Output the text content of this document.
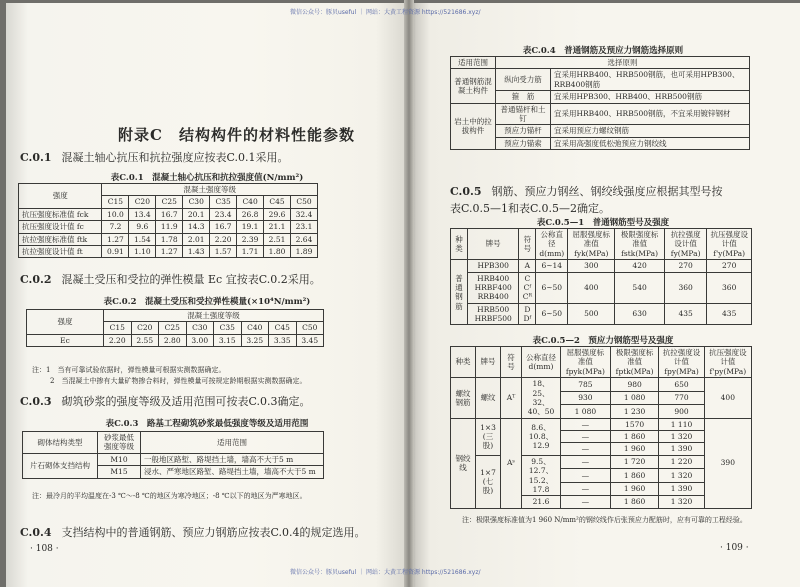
附录C　结构构件的材料性能参数
C.0.1 混凝土轴心抗压和抗拉强度应按表C.0.1采用。
表C.0.1　混凝土轴心抗压和抗拉强度值(N/mm²)
强度	混凝土强度等级							
	C15	C20	C25	C30	C35	C40	C45	C50
抗压强度标准值 fck	10.0	13.4	16.7	20.1	23.4	26.8	29.6	32.4
抗压强度设计值 fc	7.2	9.6	11.9	14.3	16.7	19.1	21.1	23.1
抗拉强度标准值 ftk	1.27	1.54	1.78	2.01	2.20	2.39	2.51	2.64
抗拉强度设计值 ft	0.91	1.10	1.27	1.43	1.57	1.71	1.80	1.89
C.0.2 混凝土受压和受拉的弹性模量 Ec 宜按表C.0.2采用。
表C.0.2　混凝土受压和受拉弹性模量(×10⁴N/mm²)
强度	混凝土强度等级							
	C15	C20	C25	C30	C35	C40	C45	C50
Ec	2.20	2.55	2.80	3.00	3.15	3.25	3.35	3.45
注：1　当有可靠试验依据时，弹性模量可根据实测数据确定。
2　当混凝土中掺有大量矿物掺合料时，弹性模量可按规定龄期根据实测数据确定。
C.0.3 砌筑砂浆的强度等级及适用范围可按表C.0.3确定。
表C.0.3　路基工程砌筑砂浆最低强度等级及适用范围
砌体结构类型	砂浆最低强度等级	适用范围
片石砌体支挡结构	M10	一般地区路堑、路堤挡土墙，墙高不大于5 m
	M15	浸水、严寒地区路堑、路堤挡土墙，墙高不大于5 m
注：最冷月的平均温度在-3 ℃～-8 ℃的地区为寒冷地区；-8 ℃以下的地区为严寒地区。
C.0.4 支挡结构中的普通钢筋、预应力钢筋应按表C.0.4的规定选用。
· 108 ·
表C.0.4　普通钢筋及预应力钢筋选择原则
适用范围	选择原则	
普通钢筋混凝土构件	纵向受力筋	宜采用HRB400、HRB500钢筋，也可采用HPB300、RRB400钢筋
	箍　筋	宜采用HPB300、HRB400、HRB500钢筋
岩土中的拉拔构件	普通锚杆和土钉	宜采用HRB400、HRB500钢筋，不宜采用镀锌钢材
	预应力锚杆	宜采用预应力螺纹钢筋
	预应力锚索	宜采用高强度低松弛预应力钢绞线
C.0.5 钢筋、预应力钢丝、钢绞线强度应根据其型号按
表C.0.5—1和表C.0.5—2确定。
表C.0.5—1　普通钢筋型号及强度
种类	牌号	符号	公称直径 d(mm)	屈服强度标准值 fyk(MPa)	极限强度标准值 fstk(MPa)	抗拉强度设计值 fy(MPa)	抗压强度设计值 f'y(MPa)
普通钢筋	HPB300	A	6~14	300	420	270	270
	HRB400 HRBF400 RRB400	C Cᶠ Cᴿ	6~50	400	540	360	360
	HRB500 HRBF500	D Dᶠ	6~50	500	630	435	435
表C.0.5—2　预应力钢筋型号及强度
种类	牌号	符号	公称直径 d(mm)	屈服强度标准值 fpyk(MPa)	极限强度标准值 fptk(MPa)	抗拉强度设计值 fpy(MPa)	抗压强度设计值 f'py(MPa)
螺纹钢筋	螺纹	Aᵀ	18、25、32、40、50	785	980	650	400
				930	1 080	770	
				1 080	1 230	900	
钢绞线	1×3 (三股)	Aˢ	8.6、10.8、12.9	—	1570	1 110	390
				—	1 860	1 320	
				—	1 960	1 390	
	1×7 (七股)		9.5、12.7、15.2、17.8	—	1 720	1 220	
				—	1 860	1 320	
				—	1 960	1 390	
			21.6	—	1 860	1 320	
注：极限强度标准值为1 960 N/mm²的钢绞线作后张预应力配筋时，应有可靠的工程经验。
· 109 ·
微信公众号：豚贝useful ｜ 网站：大黄工程资源 https://521686.xyz/
微信公众号：豚贝useful ｜ 网站：大黄工程资源 https://521686.xyz/
